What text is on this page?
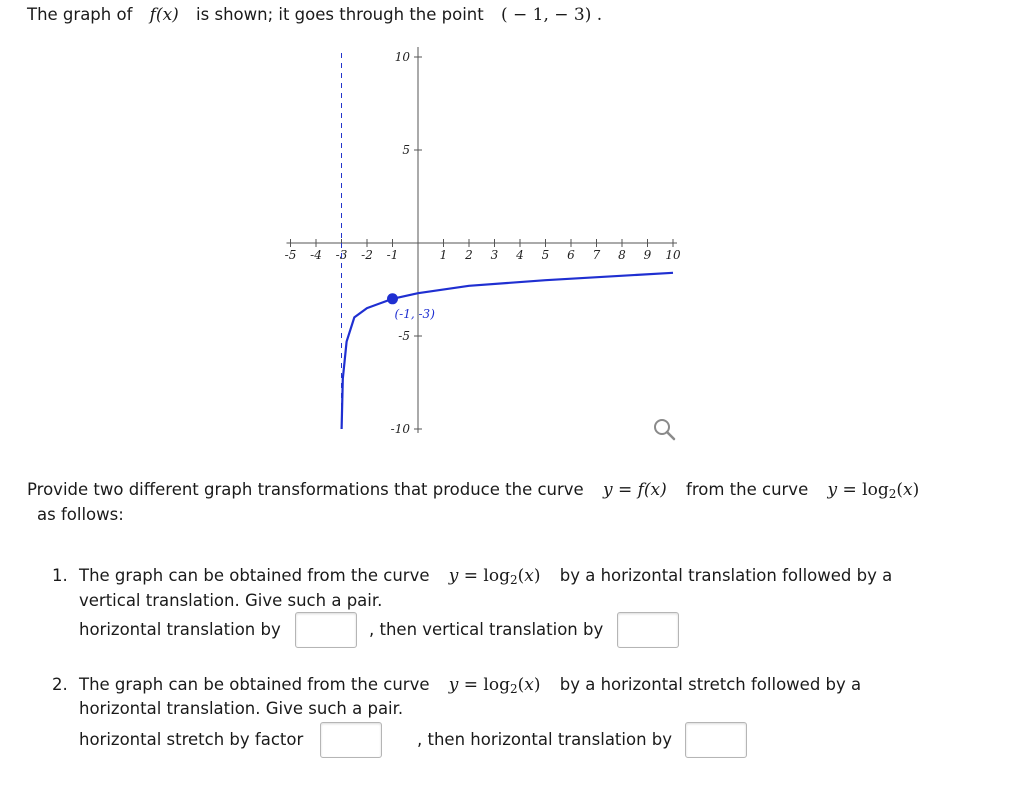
The graph of f(x) is shown; it goes through the point ( − 1, − 3) .
-5 -4 -3 -2 -1	1 2 3 4 5 6 7 8 9 10
10
5
-5
-10
(-1, -3)
Provide two different graph transformations that produce the curve y = f(x) from the curve $y = \log_2(x)$
as follows:
1. The graph can be obtained from the curve $y = \log_2(x)$ by a horizontal translation followed by a
vertical translation. Give such a pair.
horizontal translation by	, then vertical translation by
2. The graph can be obtained from the curve $y = \log_2(x)$ by a horizontal stretch followed by a
horizontal translation. Give such a pair.
horizontal stretch by factor	, then horizontal translation by
